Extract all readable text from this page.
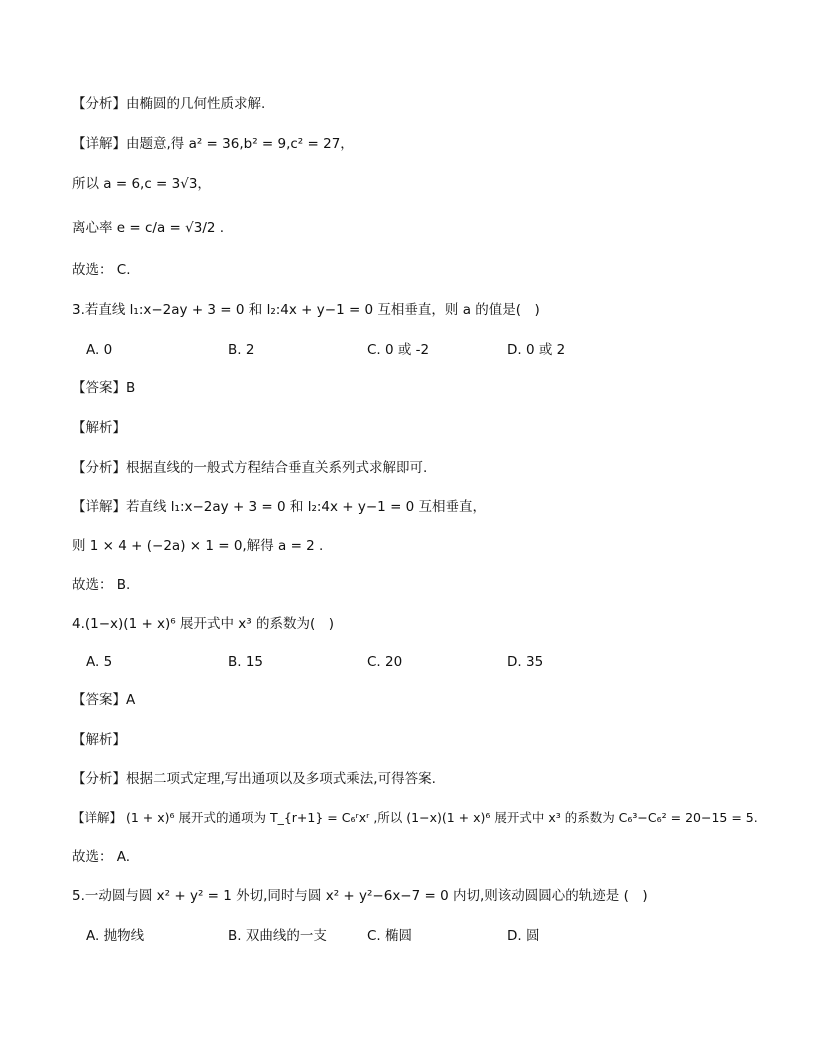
【分析】由椭圆的几何性质求解.
【详解】由题意,得 a² = 36,b² = 9,c² = 27，
所以 a = 6,c = 3√3，
离心率 e = c/a = √3/2 .
故选： C.
3.若直线 l₁:x−2ay + 3 = 0 和 l₂:4x + y−1 = 0 互相垂直，则 a 的值是(　)
A. 0	B. 2	C. 0 或 -2	D. 0 或 2
【答案】B
【解析】
【分析】根据直线的一般式方程结合垂直关系列式求解即可.
【详解】若直线 l₁:x−2ay + 3 = 0 和 l₂:4x + y−1 = 0 互相垂直，
则 1 × 4 + (−2a) × 1 = 0,解得 a = 2 .
故选： B.
4.(1−x)(1 + x)⁶ 展开式中 x³ 的系数为(　)
A. 5	B. 15	C. 20	D. 35
【答案】A
【解析】
【分析】根据二项式定理,写出通项以及多项式乘法,可得答案.
【详解】 (1 + x)⁶ 展开式的通项为 T_{r+1} = C₆ʳxʳ ,所以 (1−x)(1 + x)⁶ 展开式中 x³ 的系数为 C₆³−C₆² = 20−15 = 5.
故选： A.
5.一动圆与圆 x² + y² = 1 外切,同时与圆 x² + y²−6x−7 = 0 内切,则该动圆圆心的轨迹是 (　)
A. 抛物线	B. 双曲线的一支	C. 椭圆	D. 圆
